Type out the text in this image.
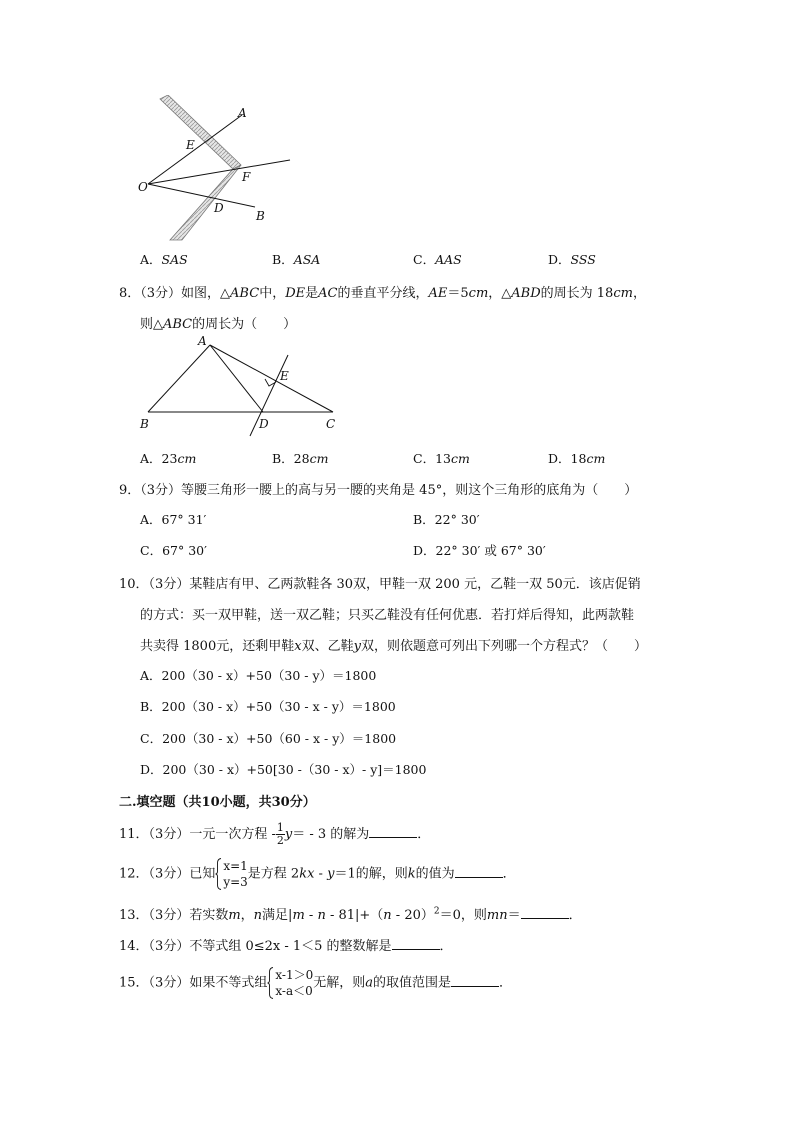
A
E
F
O
D
B
A．SAS	B．ASA	C．AAS	D．SSS
8．（3分）如图，△ABC中，DE是AC的垂直平分线，AE＝5cm，△ABD的周长为 18cm，
则△ABC的周长为（　　）
A
E
B	D	C
A．23cm	B．28cm	C．13cm	D．18cm
9．（3分）等腰三角形一腰上的高与另一腰的夹角是 45°，则这个三角形的底角为（　　）
A．67° 31′	B．22° 30′
C．67° 30′	D．22° 30′ 或 67° 30′
10．（3分）某鞋店有甲、乙两款鞋各 30双，甲鞋一双 200 元，乙鞋一双 50元．该店促销
的方式：买一双甲鞋，送一双乙鞋；只买乙鞋没有任何优惠．若打烊后得知，此两款鞋
共卖得 1800元，还剩甲鞋x双、乙鞋y双，则依题意可列出下列哪一个方程式？（　　）
A．200（30 - x）+50（30 - y）＝1800
B．200（30 - x）+50（30 - x - y）＝1800
C．200（30 - x）+50（60 - x - y）＝1800
D．200（30 - x）+50[30 -（30 - x）- y]＝1800
二.填空题（共10小题，共30分）
11．（3分）一元一次方程 - $\frac{1}{2} y= - 3$ 的解为	．
12．（3分）已知
x=1
y=3
是方程 2kx - y＝1的解，则k的值为	．
13．（3分）若实数m，n满足|m - n - 81|+（n - 20）$^2$＝0，则mn＝	．
14．（3分）不等式组 0≤2x - 1＜5 的整数解是	．
15．（3分）如果不等式组
x-1＞0
x-a＜0
无解，则a的取值范围是	．
